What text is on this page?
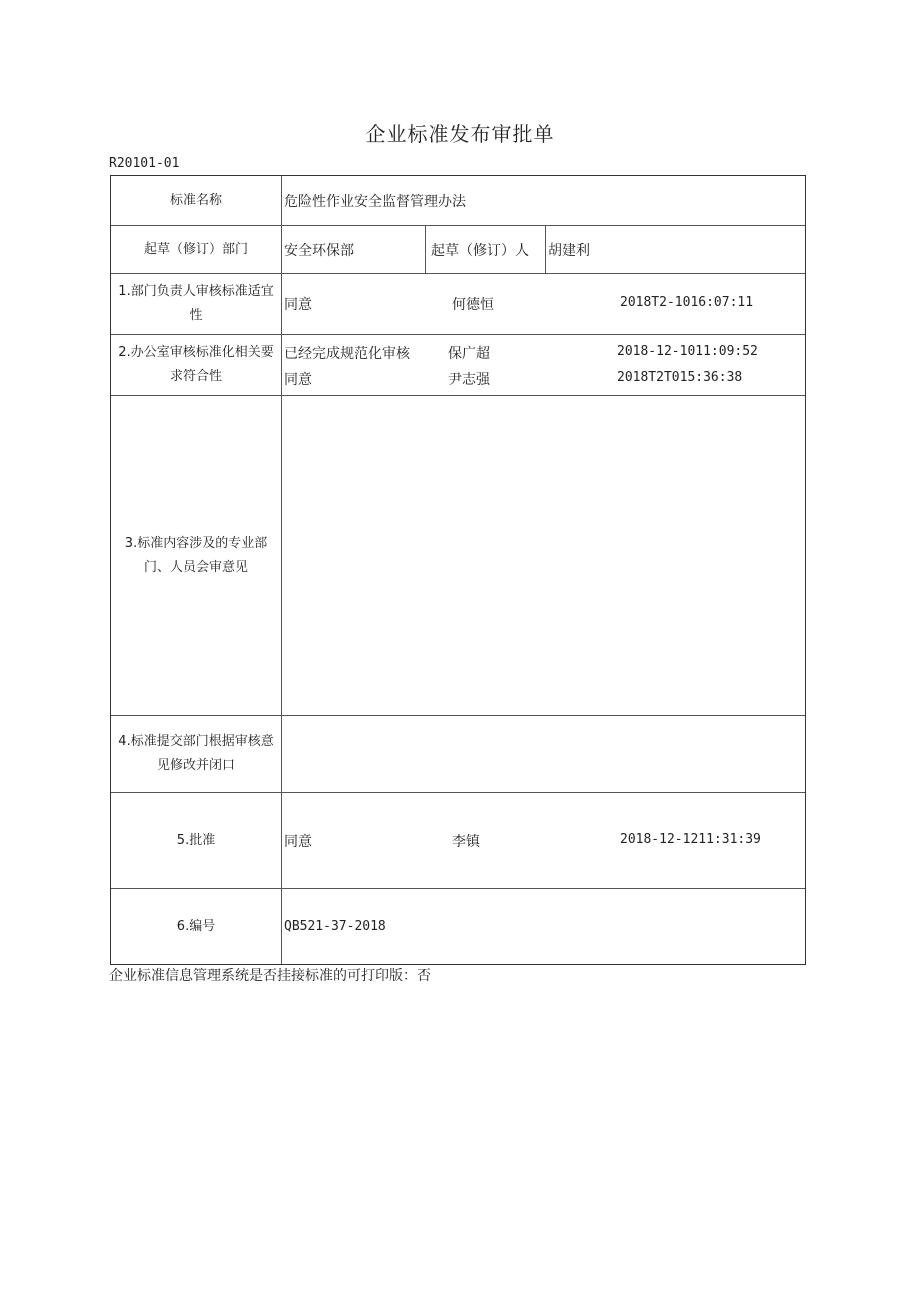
企业标准发布审批单
R20101-01
标准名称	危险性作业安全监督管理办法
起草（修订）部门	安全环保部	起草（修订）人 胡建利
1.部门负责人审核标准适宜
性
同意	何德恒	2018T2-1016:07:11
2.办公室审核标准化相关要
求符合性
已经完成规范化审核	保广超	2018-12-1011:09:52
同意	尹志强	2018T2T015:36:38
3.标准内容涉及的专业部
门、人员会审意见
4.标准提交部门根据审核意
见修改并闭口
5.批准	同意	李镇	2018-12-1211:31:39
6.编号	QB521-37-2018
企业标准信息管理系统是否挂接标准的可打印版：否
